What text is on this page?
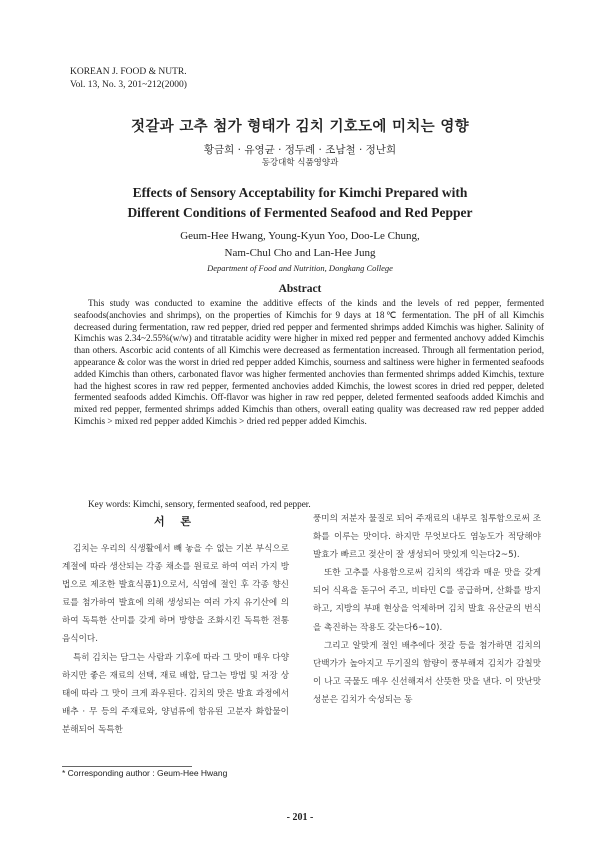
KOREAN J. FOOD & NUTR.
Vol. 13, No. 3, 201~212(2000)
젓갈과 고추 첨가 형태가 김치 기호도에 미치는 영향
황금희 · 유영균 · 정두례 · 조남철 · 정난희
동강대학 식품영양과
Effects of Sensory Acceptability for Kimchi Prepared with
Different Conditions of Fermented Seafood and Red Pepper
Geum-Hee Hwang, Young-Kyun Yoo, Doo-Le Chung,
Nam-Chul Cho and Lan-Hee Jung
Department of Food and Nutrition, Dongkang College
Abstract
This study was conducted to examine the additive effects of the kinds and the levels of red pepper, fermented seafoods(anchovies and shrimps), on the properties of Kimchis for 9 days at 18℃ fermentation. The pH of all Kimchis decreased during fermentation, raw red pepper, dried red pepper and fermented shrimps added Kimchis was higher. Salinity of Kimchis was 2.34~2.55%(w/w) and titratable acidity were higher in mixed red pepper and fermented anchovy added Kimchis than others. Ascorbic acid contents of all Kimchis were decreased as fermentation increased. Through all fermentation period, appearance & color was the worst in dried red pepper added Kimchis, sourness and saltiness were higher in fermented seafoods added Kimchis than others, carbonated flavor was higher fermented anchovies than fermented shrimps added Kimchis, texture had the highest scores in raw red pepper, fermented anchovies added Kimchis, the lowest scores in dried red pepper, deleted fermented seafoods added Kimchis. Off-flavor was higher in raw red pepper, deleted fermented seafoods added Kimchis and mixed red pepper, fermented shrimps added Kimchis than others, overall eating quality was decreased raw red pepper added Kimchis > mixed red pepper added Kimchis > dried red pepper added Kimchis.
Key words: Kimchi, sensory, fermented seafood, red pepper.
서 론

김치는 우리의 식생활에서 빼 놓을 수 없는 기본 부식으로 계절에 따라 생산되는 각종 채소를 원료로 하여 여러 가지 방법으로 제조한 발효식품1)으로서, 식염에 절인 후 각종 향신료를 첨가하여 발효에 의해 생성되는 여러 가지 유기산에 의하여 독특한 산미를 갖게 하며 방향을 조화시킨 독특한 전통 음식이다.

특히 김치는 담그는 사람과 기후에 따라 그 맛이 매우 다양하지만 좋은 재료의 선택, 재료 배합, 담그는 방법 및 저장 상태에 따라 그 맛이 크게 좌우된다. 김치의 맛은 발효 과정에서 배추 · 무 등의 주재료와, 양념류에 함유된 고분자 화합물이 분해되어 독특한

풍미의 저분자 물질로 되어 주재료의 내부로 침투함으로써 조화를 이루는 맛이다. 하지만 무엇보다도 염농도가 적당해야 발효가 빠르고 젖산이 잘 생성되어 맛있게 익는다2~5).

또한 고추를 사용함으로써 김치의 색감과 매운 맛을 갖게 되어 식욕을 돋구어 주고, 비타민 C를 공급하며, 산화를 방지하고, 지방의 부패 현상을 억제하며 김치 발효 유산균의 번식을 촉진하는 작용도 갖는다6~10).

그리고 알맞게 절인 배추에다 젓갈 등을 첨가하면 김치의 단백가가 높아지고 두기질의 함량이 풍부해져 김치가 감칠맛이 나고 국물도 매우 신선해져서 산뜻한 맛을 낸다. 이 맛난맛 성분은 김치가 숙성되는 동

* Corresponding author : Geum-Hee Hwang
- 201 -
